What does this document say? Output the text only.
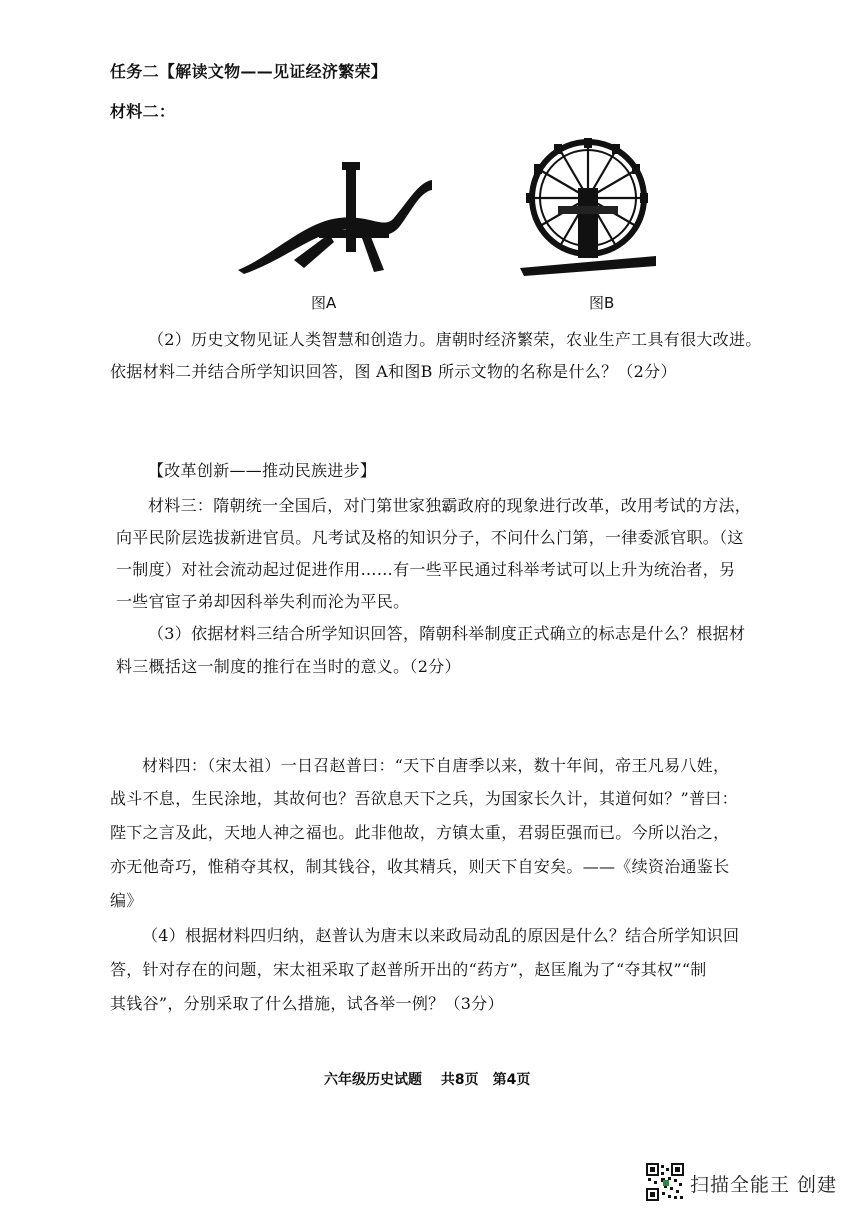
任务二【解读文物——见证经济繁荣】
材料二：
图A	图B
（2）历史文物见证人类智慧和创造力。唐朝时经济繁荣，农业生产工具有很大改进。
依据材料二并结合所学知识回答，图 A和图B 所示文物的名称是什么？（2分）
【改革创新——推动民族进步】
材料三：隋朝统一全国后，对门第世家独霸政府的现象进行改革，改用考试的方法，
向平民阶层选拔新进官员。凡考试及格的知识分子，不问什么门第，一律委派官职。（这
一制度）对社会流动起过促进作用……有一些平民通过科举考试可以上升为统治者，另
一些官宦子弟却因科举失利而沦为平民。
（3）依据材料三结合所学知识回答，隋朝科举制度正式确立的标志是什么？根据材
料三概括这一制度的推行在当时的意义。（2分）
材料四：（宋太祖）一日召赵普曰：“天下自唐季以来，数十年间，帝王凡易八姓，
战斗不息，生民涂地，其故何也？吾欲息天下之兵，为国家长久计，其道何如？”普曰：
陛下之言及此，天地人神之福也。此非他故，方镇太重，君弱臣强而已。今所以治之，
亦无他奇巧，惟稍夺其权，制其钱谷，收其精兵，则天下自安矣。——《续资治通鉴长
编》
（4）根据材料四归纳，赵普认为唐末以来政局动乱的原因是什么？结合所学知识回
答，针对存在的问题，宋太祖采取了赵普所开出的“药方”，赵匡胤为了“夺其权”“制
其钱谷”，分别采取了什么措施，试各举一例？（3分）
六年级历史试题　 共8页　第4页
扫描全能王 创建
